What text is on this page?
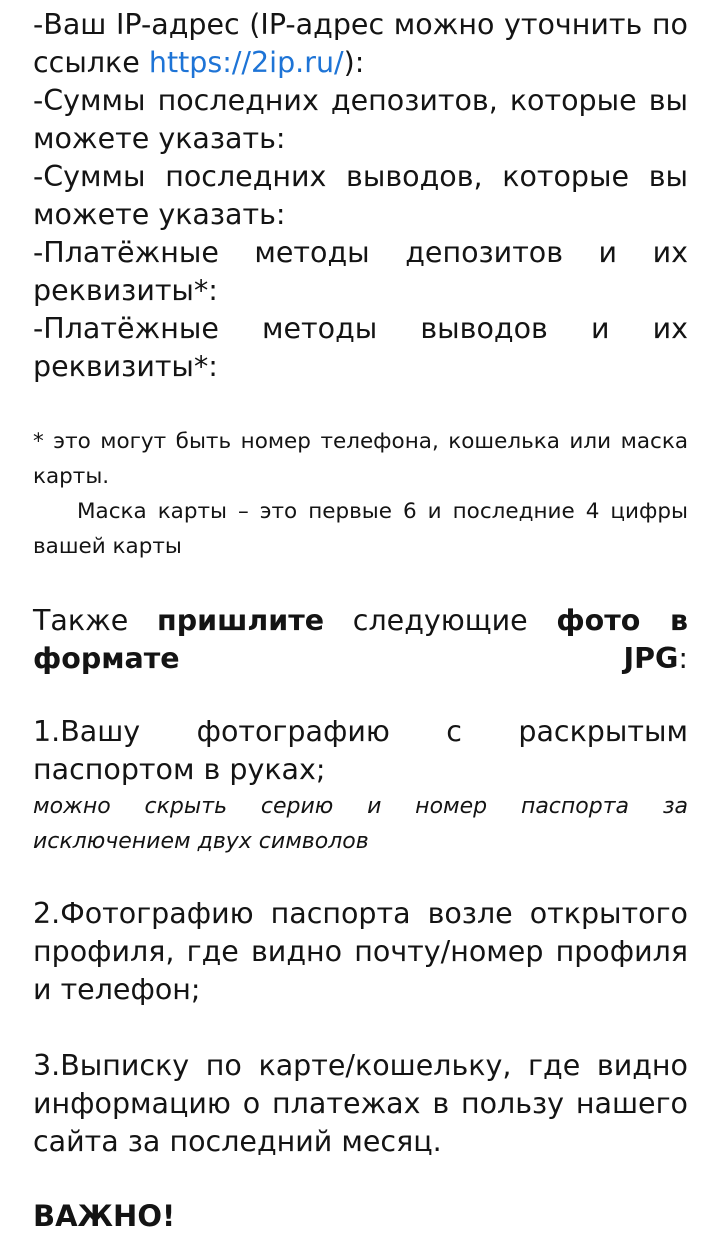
-Ваш IP-адрес (IP-адрес можно уточнить по ссылке https://2ip.ru/):

-Суммы последних депозитов, которые вы можете указать:

-Суммы последних выводов, которые вы можете указать:

-Платёжные методы депозитов и их реквизиты*:

-Платёжные методы выводов и их реквизиты*:

* это могут быть номер телефона, кошелька или маска карты.

Маска карты – это первые 6 и последние 4 цифры вашей карты

Также пришлите следующие фото в формате JPG:

1.Вашу фотографию с раскрытым паспортом в руках;

можно скрыть серию и номер паспорта за исключением двух символов

2.Фотографию паспорта возле открытого профиля, где видно почту/номер профиля и телефон;

3.Выписку по карте/кошельку, где видно информацию о платежах в пользу нашего сайта за последний месяц.

ВАЖНО!
